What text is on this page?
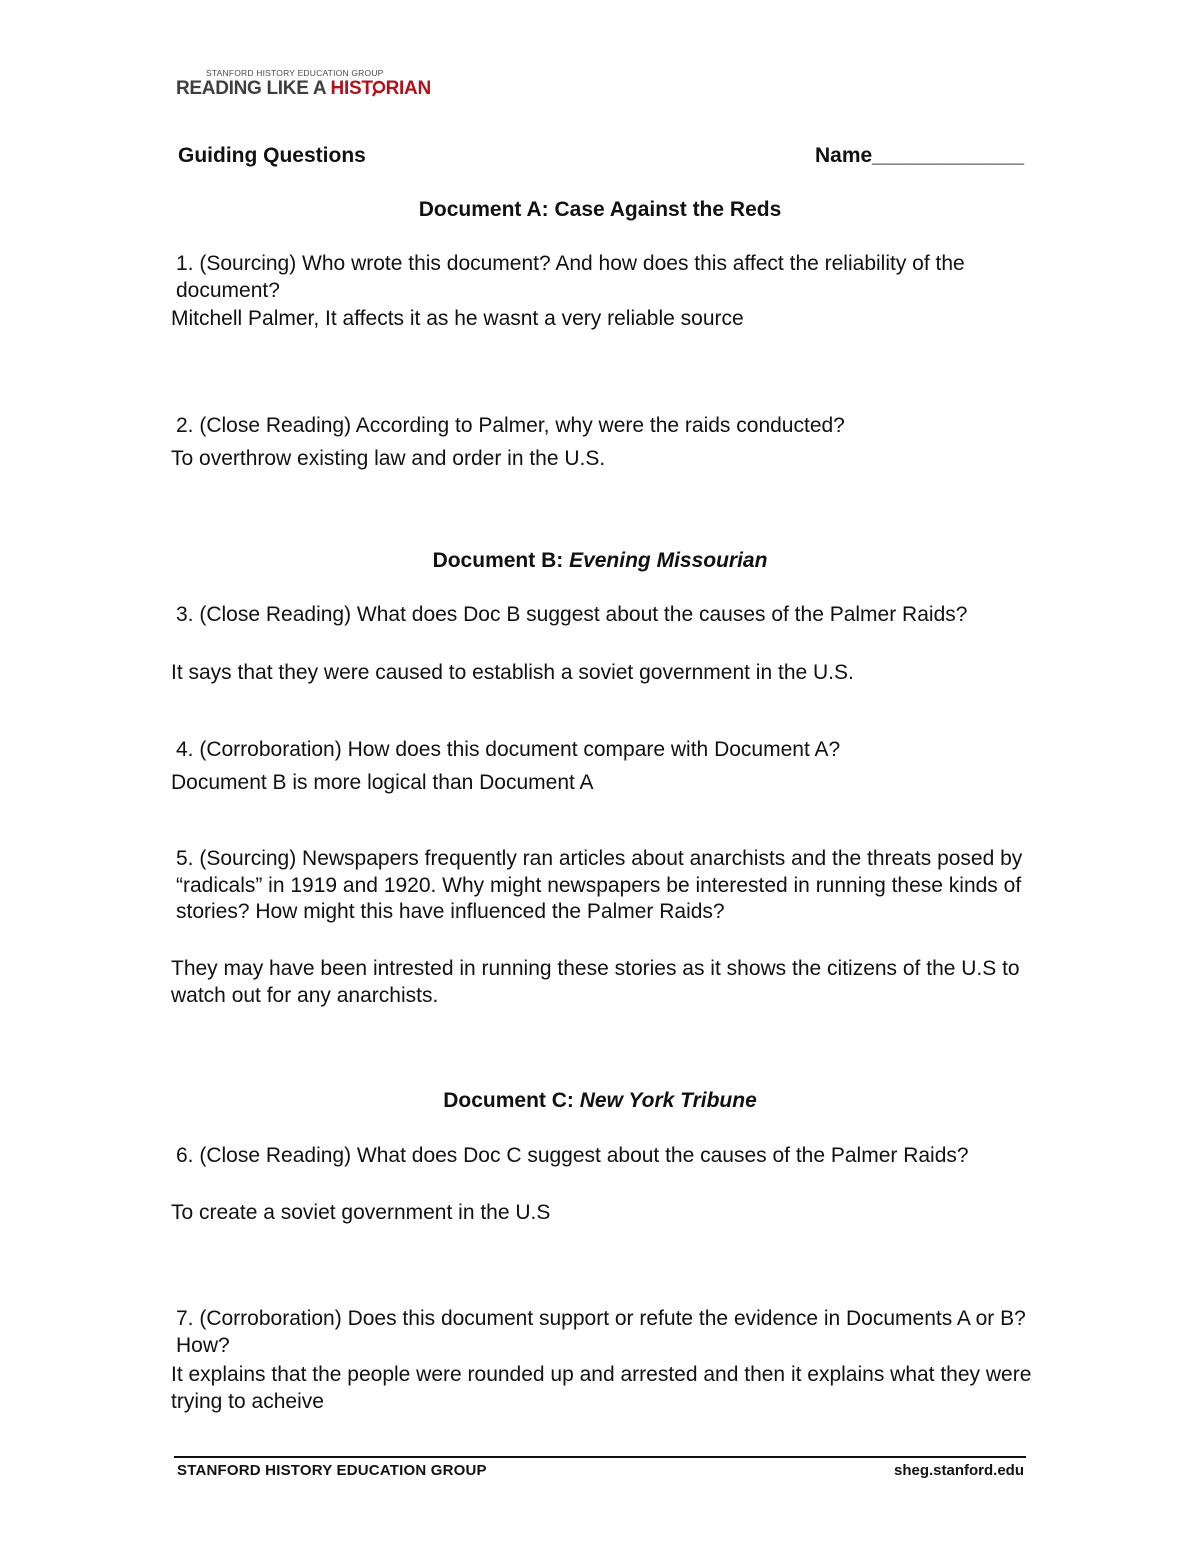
STANFORD HISTORY EDUCATION GROUP
READING LIKE A HIST RIAN
Guiding Questions	Name_____________
Document A: Case Against the Reds
1. (Sourcing) Who wrote this document? And how does this affect the reliability of the document?
Mitchell Palmer, It affects it as he wasnt a very reliable source
2. (Close Reading) According to Palmer, why were the raids conducted?
To overthrow existing law and order in the U.S.
Document B: Evening Missourian
3. (Close Reading) What does Doc B suggest about the causes of the Palmer Raids?
It says that they were caused to establish a soviet government in the U.S.
4. (Corroboration) How does this document compare with Document A?
Document B is more logical than Document A
5. (Sourcing) Newspapers frequently ran articles about anarchists and the threats posed by “radicals” in 1919 and 1920. Why might newspapers be interested in running these kinds of stories? How might this have influenced the Palmer Raids?
They may have been intrested in running these stories as it shows the citizens of the U.S to watch out for any anarchists.
Document C: New York Tribune
6. (Close Reading) What does Doc C suggest about the causes of the Palmer Raids?
To create a soviet government in the U.S
7. (Corroboration) Does this document support or refute the evidence in Documents A or B? How?
It explains that the people were rounded up and arrested and then it explains what they were trying to acheive
STANFORD HISTORY EDUCATION GROUP	sheg.stanford.edu
